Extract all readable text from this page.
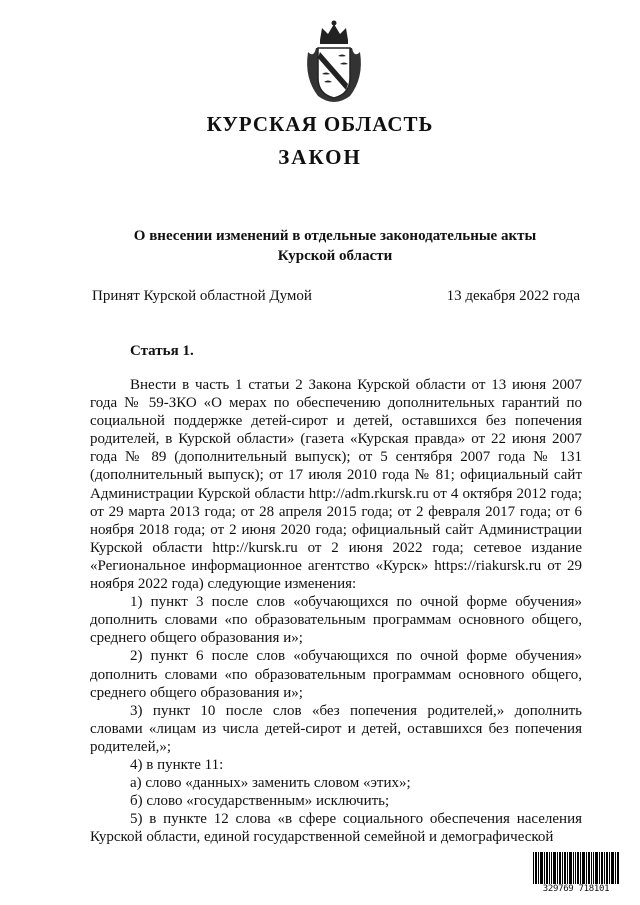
КУРСКАЯ ОБЛАСТЬ
ЗАКОН
О внесении изменений в отдельные законодательные акты
Курской области
Принят Курской областной Думой	13 декабря 2022 года
Статья 1.

Внести в часть 1 статьи 2 Закона Курской области от 13 июня 2007 года № 59-ЗКО «О мерах по обеспечению дополнительных гарантий по социальной поддержке детей-сирот и детей, оставшихся без попечения родителей, в Курской области» (газета «Курская правда» от 22 июня 2007 года № 89 (дополнительный выпуск); от 5 сентября 2007 года № 131 (дополнительный выпуск); от 17 июля 2010 года № 81; официальный сайт Администрации Курской области http://adm.rkursk.ru от 4 октября 2012 года; от 29 марта 2013 года; от 28 апреля 2015 года; от 2 февраля 2017 года; от 6 ноября 2018 года; от 2 июня 2020 года; официальный сайт Администрации Курской области http://kursk.ru от 2 июня 2022 года; сетевое издание «Региональное информационное агентство «Курск» https://riakursk.ru от 29 ноября 2022 года) следующие изменения:

1) пункт 3 после слов «обучающихся по очной форме обучения» дополнить словами «по образовательным программам основного общего, среднего общего образования и»;

2) пункт 6 после слов «обучающихся по очной форме обучения» дополнить словами «по образовательным программам основного общего, среднего общего образования и»;

3) пункт 10 после слов «без попечения родителей,» дополнить словами «лицам из числа детей-сирот и детей, оставшихся без попечения родителей,»;

4) в пункте 11:

а) слово «данных» заменить словом «этих»;

б) слово «государственным» исключить;

5) в пункте 12 слова «в сфере социального обеспечения населения Курской области, единой государственной семейной и демографической

329769 718101
